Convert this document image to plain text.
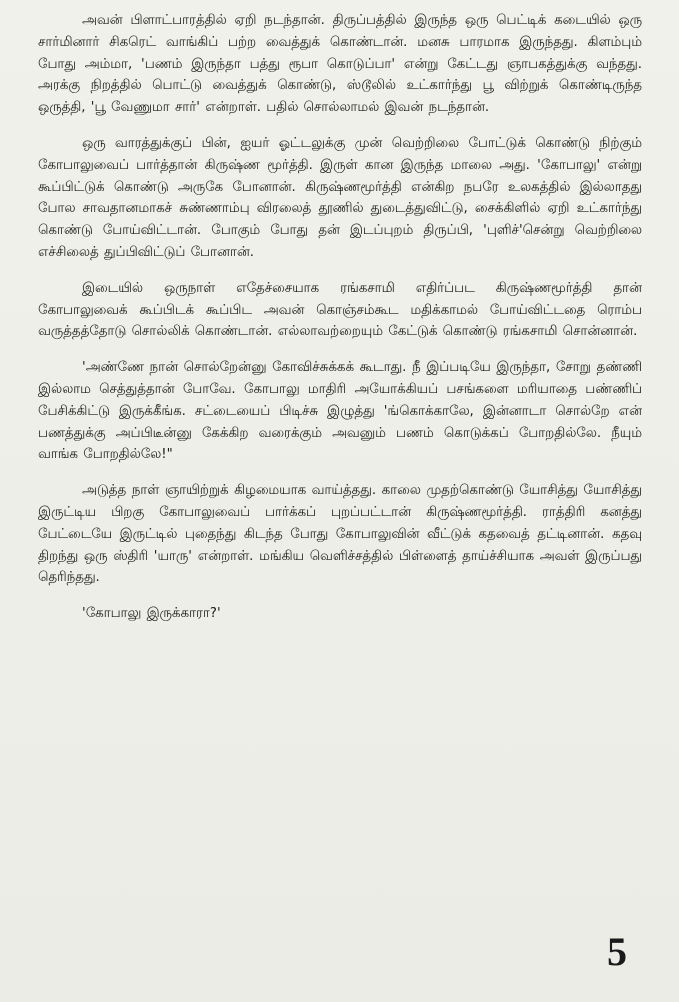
அவன் பிளாட்பாரத்தில் ஏறி நடந்தான். திருப்பத்தில் இருந்த ஒரு பெட்டிக் கடையில் ஒரு சார்மினார் சிகரெட் வாங்கிப் பற்ற வைத்துக் கொண்டான். மனசு பாரமாக இருந்தது. கிளம்பும் போது அம்மா, 'பணம் இருந்தா பத்து ரூபா கொடுப்பா' என்று கேட்டது ஞாபகத்துக்கு வந்தது. அரக்கு நிறத்தில் பொட்டு வைத்துக் கொண்டு, ஸ்டூலில் உட்கார்ந்து பூ விற்றுக் கொண்டிருந்த ஒருத்தி, 'பூ வேணுமா சார்' என்றாள். பதில் சொல்லாமல் இவன் நடந்தான்.

ஒரு வாரத்துக்குப் பின், ஐயர் ஓட்டலுக்கு முன் வெற்றிலை போட்டுக் கொண்டு நிற்கும் கோபாலுவைப் பார்த்தான் கிருஷ்ண மூர்த்தி. இருள் கான இருந்த மாலை அது. 'கோபாலு' என்று கூப்பிட்டுக் கொண்டு அருகே போனான். கிருஷ்ணமூர்த்தி என்கிற நபரே உலகத்தில் இல்லாதது போல சாவதானமாகச் சுண்ணாம்பு விரலைத் தூணில் துடைத்துவிட்டு, சைக்கிளில் ஏறி உட்கார்ந்து கொண்டு போய்விட்டான். போகும் போது தன் இடப்புறம் திருப்பி, 'புளிச்'சென்று வெற்றிலை எச்சிலைத் துப்பிவிட்டுப் போனான்.

இடையில் ஒருநாள் எதேச்சையாக ரங்கசாமி எதிர்ப்பட கிருஷ்ணமூர்த்தி தான் கோபாலுவைக் கூப்பிடக் கூப்பிட அவன் கொஞ்சம்கூட மதிக்காமல் போய்விட்டதை ரொம்ப வருத்தத்தோடு சொல்லிக் கொண்டான். எல்லாவற்றையும் கேட்டுக் கொண்டு ரங்கசாமி சொன்னான்.

'அண்ணே நான் சொல்றேன்னு கோவிச்சுக்கக் கூடாது. நீ இப்படியே இருந்தா, சோறு தண்ணி இல்லாம செத்துத்தான் போவே. கோபாலு மாதிரி அயோக்கியப் பசங்களை மரியாதை பண்ணிப் பேசிக்கிட்டு இருக்கீங்க. சட்டையைப் பிடிச்சு இழுத்து 'ங்கொக்காலே, இன்னாடா சொல்றே என் பணத்துக்கு அப்பிடீன்னு கேக்கிற வரைக்கும் அவனும் பணம் கொடுக்கப் போறதில்லே. நீயும் வாங்க போறதில்லே!"

அடுத்த நாள் ஞாயிற்றுக் கிழமையாக வாய்த்தது. காலை முதற்கொண்டு யோசித்து யோசித்து இருட்டிய பிறகு கோபாலுவைப் பார்க்கப் புறப்பட்டான் கிருஷ்ணமூர்த்தி. ராத்திரி கனத்து பேட்டையே இருட்டில் புதைந்து கிடந்த போது கோபாலுவின் வீட்டுக் கதவைத் தட்டினான். கதவு திறந்து ஒரு ஸ்திரி 'யாரு' என்றாள். மங்கிய வெளிச்சத்தில் பிள்ளைத் தாய்ச்சியாக அவள் இருப்பது தெரிந்தது.

'கோபாலு இருக்காரா?'

5
